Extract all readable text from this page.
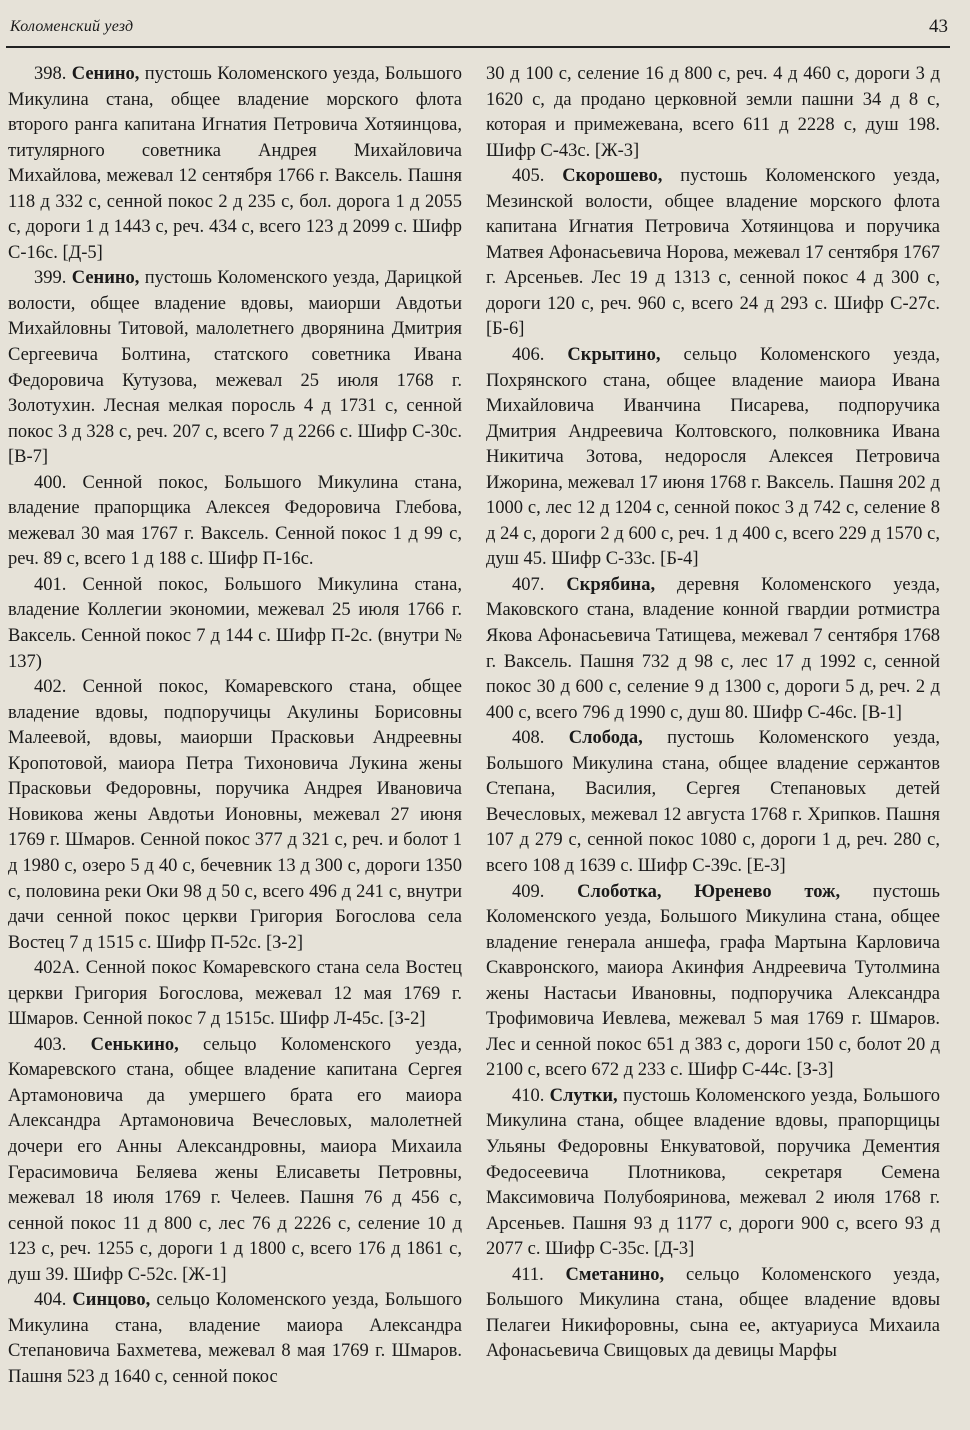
Коломенский уезд	43

398. Сенино, пустошь Коломенского уезда, Большого Микулина стана, общее владение морского флота второго ранга капитана Игнатия Петровича Хотяинцова, титулярного советника Андрея Михайловича Михайлова, межевал 12 сентября 1766 г. Ваксель. Пашня 118 д 332 с, сенной покос 2 д 235 с, бол. дорога 1 д 2055 с, дороги 1 д 1443 с, реч. 434 с, всего 123 д 2099 с. Шифр С-16с. [Д-5]

399. Сенино, пустошь Коломенского уезда, Дарицкой волости, общее владение вдовы, маиорши Авдотьи Михайловны Титовой, малолетнего дворянина Дмитрия Сергеевича Болтина, статского советника Ивана Федоровича Кутузова, межевал 25 июля 1768 г. Золотухин. Лесная мелкая поросль 4 д 1731 с, сенной покос 3 д 328 с, реч. 207 с, всего 7 д 2266 с. Шифр С-30с. [В-7]

400. Сенной покос, Большого Микулина стана, владение прапорщика Алексея Федоровича Глебова, межевал 30 мая 1767 г. Ваксель. Сенной покос 1 д 99 с, реч. 89 с, всего 1 д 188 с. Шифр П-16с.

401. Сенной покос, Большого Микулина стана, владение Коллегии экономии, межевал 25 июля 1766 г. Ваксель. Сенной покос 7 д 144 с. Шифр П-2с. (внутри № 137)

402. Сенной покос, Комаревского стана, общее владение вдовы, подпоручицы Акулины Борисовны Малеевой, вдовы, маиорши Прасковьи Андреевны Кропотовой, маиора Петра Тихоновича Лукина жены Прасковьи Федоровны, поручика Андрея Ивановича Новикова жены Авдотьи Ионовны, межевал 27 июня 1769 г. Шмаров. Сенной покос 377 д 321 с, реч. и болот 1 д 1980 с, озеро 5 д 40 с, бечевник 13 д 300 с, дороги 1350 с, половина реки Оки 98 д 50 с, всего 496 д 241 с, внутри дачи сенной покос церкви Григория Богослова села Востец 7 д 1515 с. Шифр П-52с. [З-2]

402А. Сенной покос Комаревского стана села Востец церкви Григория Богослова, межевал 12 мая 1769 г. Шмаров. Сенной покос 7 д 1515с. Шифр Л-45с. [З-2]

403. Сенькино, сельцо Коломенского уезда, Комаревского стана, общее владение капитана Сергея Артамоновича да умершего брата его маиора Александра Артамоновича Вечесловых, малолетней дочери его Анны Александровны, маиора Михаила Герасимовича Беляева жены Елисаветы Петровны, межевал 18 июля 1769 г. Челеев. Пашня 76 д 456 с, сенной покос 11 д 800 с, лес 76 д 2226 с, селение 10 д 123 с, реч. 1255 с, дороги 1 д 1800 с, всего 176 д 1861 с, душ 39. Шифр С-52с. [Ж-1]

404. Синцово, сельцо Коломенского уезда, Большого Микулина стана, владение маиора Александра Степановича Бахметева, межевал 8 мая 1769 г. Шмаров. Пашня 523 д 1640 с, сенной покос

30 д 100 с, селение 16 д 800 с, реч. 4 д 460 с, дороги 3 д 1620 с, да продано церковной земли пашни 34 д 8 с, которая и примежевана, всего 611 д 2228 с, душ 198. Шифр С-43с. [Ж-3]

405. Скорошево, пустошь Коломенского уезда, Мезинской волости, общее владение морского флота капитана Игнатия Петровича Хотяинцова и поручика Матвея Афонасьевича Норова, межевал 17 сентября 1767 г. Арсеньев. Лес 19 д 1313 с, сенной покос 4 д 300 с, дороги 120 с, реч. 960 с, всего 24 д 293 с. Шифр С-27с. [Б-6]

406. Скрытино, сельцо Коломенского уезда, Похрянского стана, общее владение маиора Ивана Михайловича Иванчина Писарева, подпоручика Дмитрия Андреевича Колтовского, полковника Ивана Никитича Зотова, недоросля Алексея Петровича Ижорина, межевал 17 июня 1768 г. Ваксель. Пашня 202 д 1000 с, лес 12 д 1204 с, сенной покос 3 д 742 с, селение 8 д 24 с, дороги 2 д 600 с, реч. 1 д 400 с, всего 229 д 1570 с, душ 45. Шифр С-33с. [Б-4]

407. Скрябина, деревня Коломенского уезда, Маковского стана, владение конной гвардии ротмистра Якова Афонасьевича Татищева, межевал 7 сентября 1768 г. Ваксель. Пашня 732 д 98 с, лес 17 д 1992 с, сенной покос 30 д 600 с, селение 9 д 1300 с, дороги 5 д, реч. 2 д 400 с, всего 796 д 1990 с, душ 80. Шифр С-46с. [В-1]

408. Слобода, пустошь Коломенского уезда, Большого Микулина стана, общее владение сержантов Степана, Василия, Сергея Степановых детей Вечесловых, межевал 12 августа 1768 г. Хрипков. Пашня 107 д 279 с, сенной покос 1080 с, дороги 1 д, реч. 280 с, всего 108 д 1639 с. Шифр С-39с. [Е-3]

409. Слоботка, Юренево тож, пустошь Коломенского уезда, Большого Микулина стана, общее владение генерала аншефа, графа Мартына Карловича Скавронского, маиора Акинфия Андреевича Тутолмина жены Настасьи Ивановны, подпоручика Александра Трофимовича Иевлева, межевал 5 мая 1769 г. Шмаров. Лес и сенной покос 651 д 383 с, дороги 150 с, болот 20 д 2100 с, всего 672 д 233 с. Шифр С-44с. [З-3]

410. Слутки, пустошь Коломенского уезда, Большого Микулина стана, общее владение вдовы, прапорщицы Ульяны Федоровны Енкуватовой, поручика Дементия Федосеевича Плотникова, секретаря Семена Максимовича Полубояринова, межевал 2 июля 1768 г. Арсеньев. Пашня 93 д 1177 с, дороги 900 с, всего 93 д 2077 с. Шифр С-35с. [Д-3]

411. Сметанино, сельцо Коломенского уезда, Большого Микулина стана, общее владение вдовы Пелагеи Никифоровны, сына ее, актуариуса Михаила Афонасьевича Свищовых да девицы Марфы
